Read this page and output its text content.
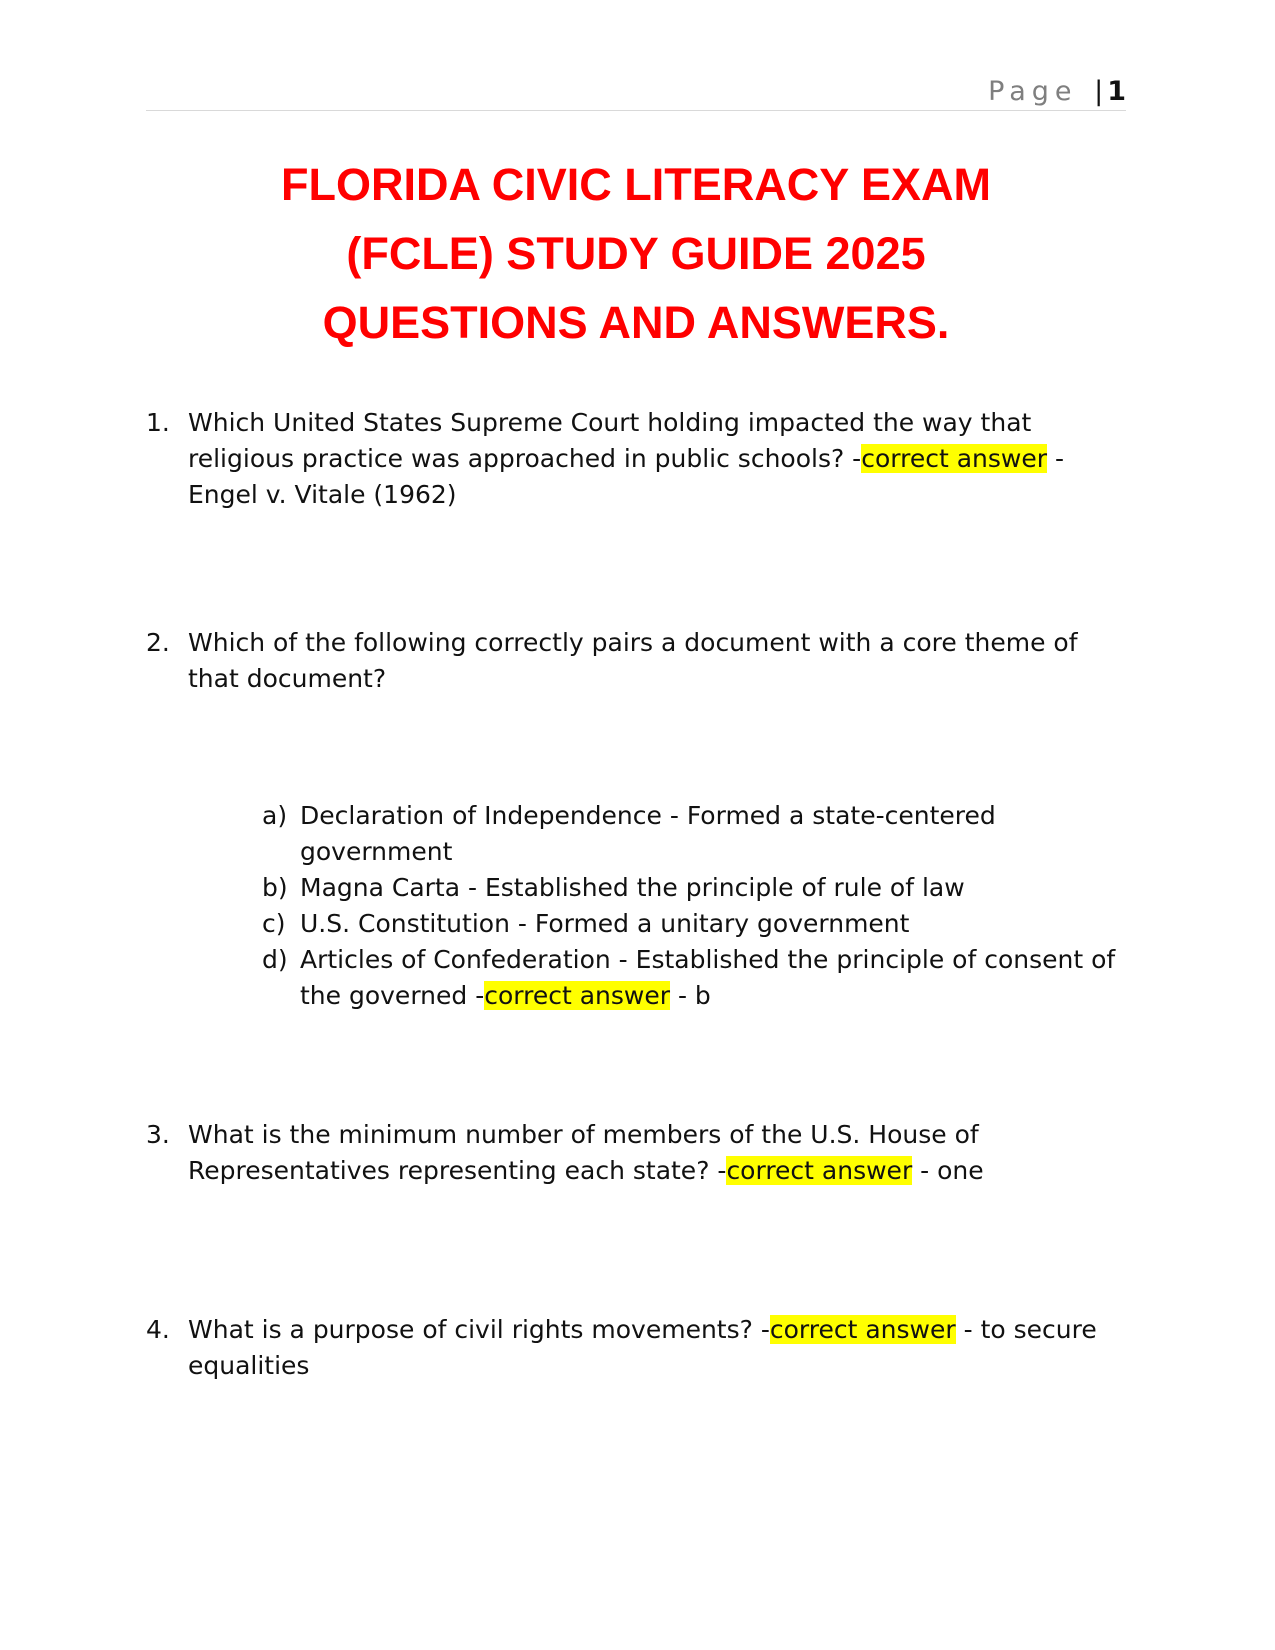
Page | 1
FLORIDA CIVIC LITERACY EXAM
(FCLE) STUDY GUIDE 2025
QUESTIONS AND ANSWERS.
1. Which United States Supreme Court holding impacted the way that religious practice was approached in public schools? -correct answer - Engel v. Vitale (1962)
2. Which of the following correctly pairs a document with a core theme of that document?
a) Declaration of Independence - Formed a state-centered government
b) Magna Carta - Established the principle of rule of law
c) U.S. Constitution - Formed a unitary government
d) Articles of Confederation - Established the principle of consent of the governed -correct answer - b
3. What is the minimum number of members of the U.S. House of Representatives representing each state? -correct answer - one
4. What is a purpose of civil rights movements? -correct answer - to secure equalities
